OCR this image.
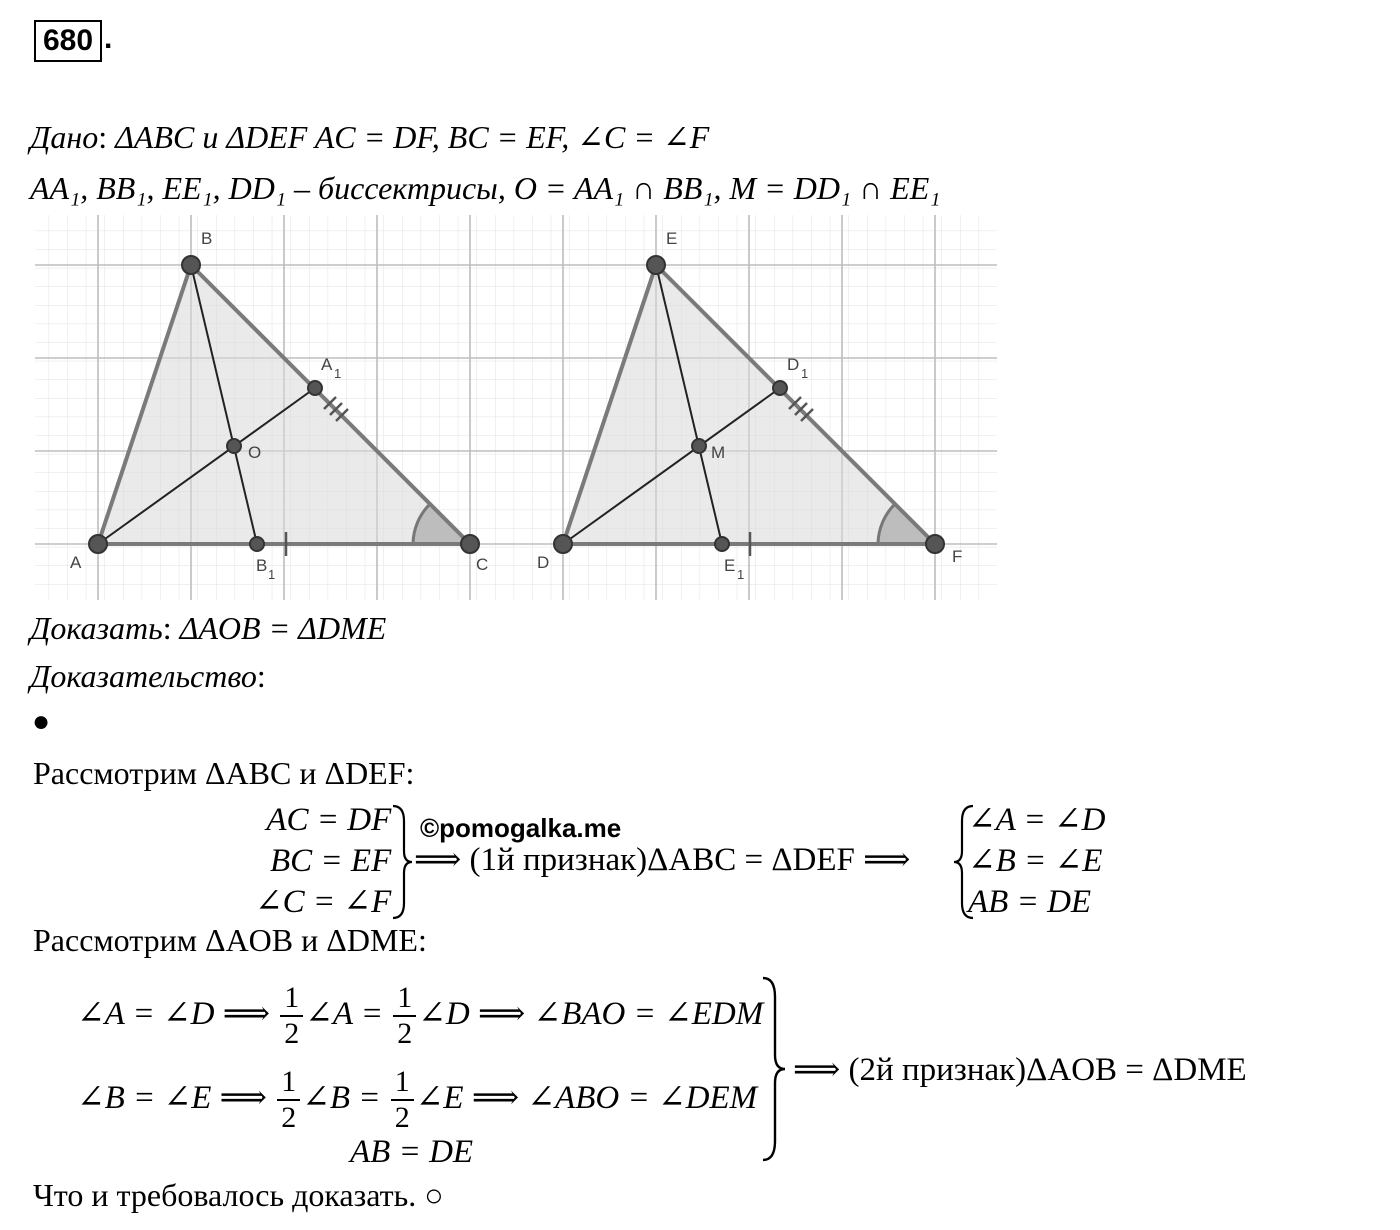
680 .
Дано: ΔABC и ΔDEF AC = DF, BC = EF, ∠C = ∠F
AA₁, BB₁, EE₁, DD₁ – биссектрисы, O = AA₁ ∩ BB₁, M = DD₁ ∩ EE₁
A
B
C
A 1
B 1
O
D
E
F
D 1
E 1
M
Доказать: ΔAOB = ΔDME
Доказательство:
●
Рассмотрим ΔABC и ΔDEF:
AC = DF
BC = EF
∠C = ∠F
©pomogalka.me
⟹ (1й признак)ΔABC = ΔDEF ⟹
∠A = ∠D
∠B = ∠E
AB = DE
Рассмотрим ΔAOB и ΔDME:
∠A = ∠D ⟹ $\frac{1}{2}$ ∠A = $\frac{1}{2}$ ∠D ⟹ ∠BAO = ∠EDM
∠B = ∠E ⟹ $\frac{1}{2}$ ∠B = $\frac{1}{2}$ ∠E ⟹ ∠ABO = ∠DEM
AB = DE
⟹ (2й признак)ΔAOB = ΔDME
Что и требовалось доказать. ○
